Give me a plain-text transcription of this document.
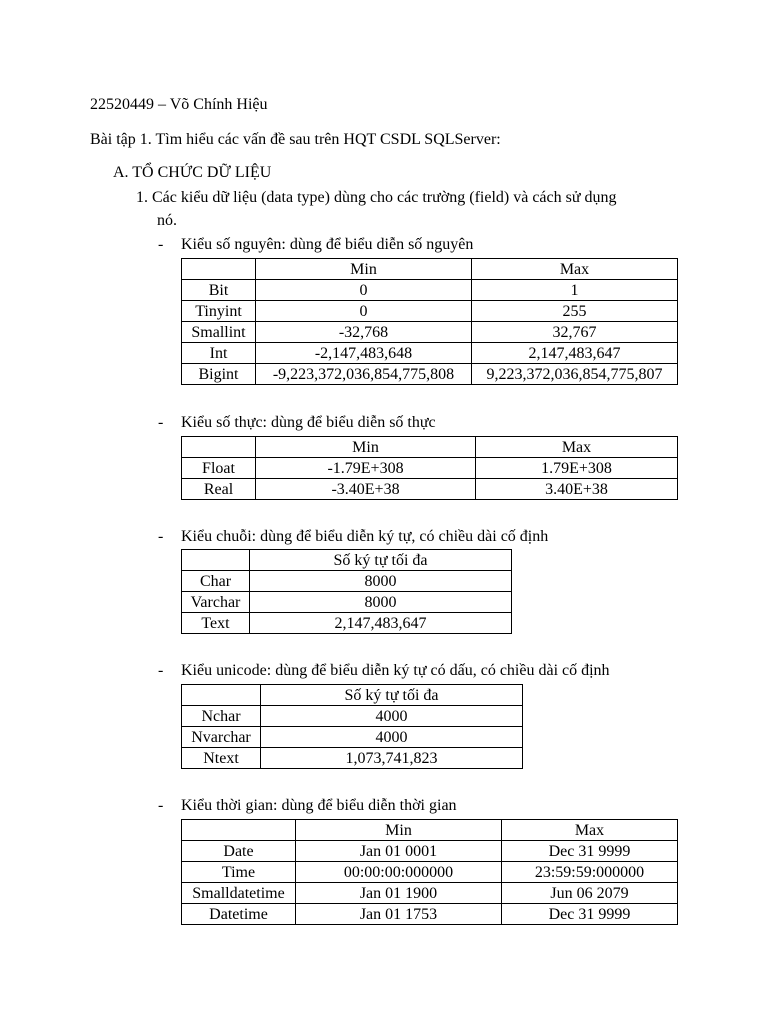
22520449 – Võ Chính Hiệu
Bài tập 1. Tìm hiểu các vấn đề sau trên HQT CSDL SQLServer:
A. TỔ CHỨC DỮ LIỆU
1. Các kiểu dữ liệu (data type) dùng cho các trường (field) và cách sử dụng
nó.
- Kiểu số nguyên: dùng để biểu diễn số nguyên
	Min	Max
Bit	0	1
Tinyint	0	255
Smallint	-32,768	32,767
Int	-2,147,483,648	2,147,483,647
Bigint	-9,223,372,036,854,775,808	9,223,372,036,854,775,807
- Kiểu số thực: dùng để biểu diễn số thực
	Min	Max
Float	-1.79E+308	1.79E+308
Real	-3.40E+38	3.40E+38
- Kiểu chuỗi: dùng để biểu diễn ký tự, có chiều dài cố định
	Số ký tự tối đa
Char	8000
Varchar	8000
Text	2,147,483,647
- Kiểu unicode: dùng để biểu diễn ký tự có dấu, có chiều dài cố định
	Số ký tự tối đa
Nchar	4000
Nvarchar	4000
Ntext	1,073,741,823
- Kiểu thời gian: dùng để biểu diễn thời gian
	Min	Max
Date	Jan 01 0001	Dec 31 9999
Time	00:00:00:000000	23:59:59:000000
Smalldatetime	Jan 01 1900	Jun 06 2079
Datetime	Jan 01 1753	Dec 31 9999
